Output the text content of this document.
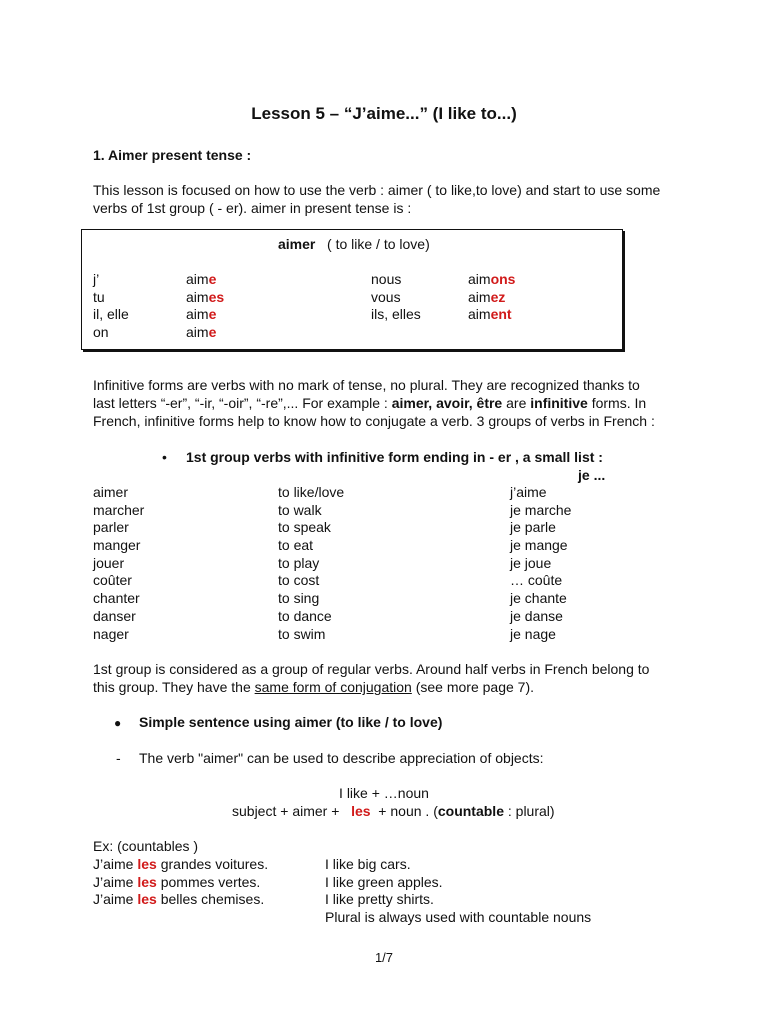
Lesson 5 – “J’aime...” (I like to...)
1. Aimer present tense :
This lesson is focused on how to use the verb : aimer ( to like,to love) and start to use some
verbs of 1st group ( - er). aimer in present tense is :
aimer ( to like / to love)
j’	aime	nous	aimons
tu	aimes	vous	aimez
il, elle	aime	ils, elles	aiment
on	aime
Infinitive forms are verbs with no mark of tense, no plural. They are recognized thanks to
last letters “-er”, “-ir, “-oir”, “-re”,... For example : aimer, avoir, être are infinitive forms. In
French, infinitive forms help to know how to conjugate a verb. 3 groups of verbs in French :
• 1st group verbs with infinitive form ending in - er , a small list :
je ...
aimer	to like/love	j’aime
marcher	to walk	je marche
parler	to speak	je parle
manger	to eat	je mange
jouer	to play	je joue
coûter	to cost	… coûte
chanter	to sing	je chante
danser	to dance	je danse
nager	to swim	je nage
1st group is considered as a group of regular verbs. Around half verbs in French belong to
this group. They have the same form of conjugation (see more page 7).
● Simple sentence using aimer (to like / to love)
- The verb "aimer" can be used to describe appreciation of objects:
I like + …noun
subject + aimer +   les  + noun . (countable : plural)
Ex: (countables )
J’aime les grandes voitures.	I like big cars.
J’aime les pommes vertes.	I like green apples.
J’aime les belles chemises.	I like pretty shirts.
Plural is always used with countable nouns
1/7
